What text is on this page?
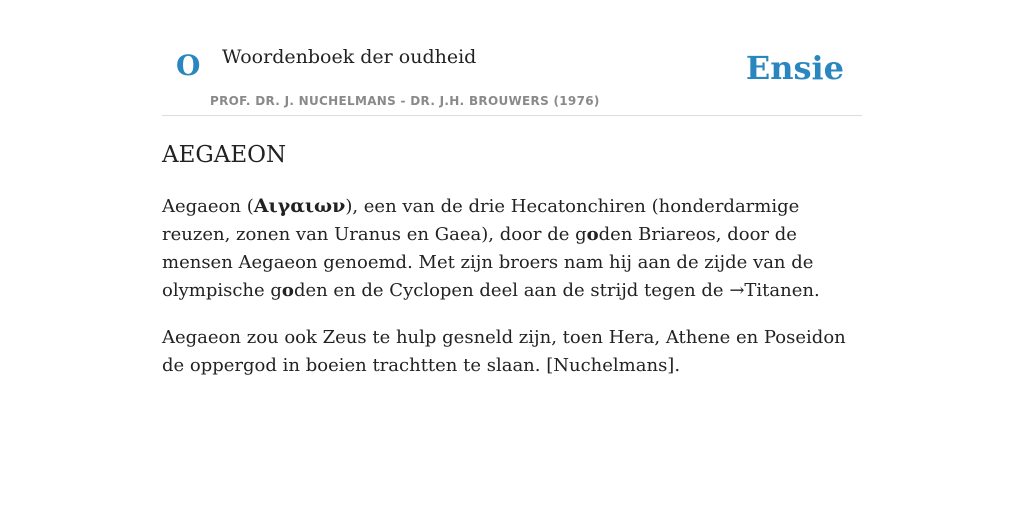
O Woordenboek der oudheid
PROF. DR. J. NUCHELMANS - DR. J.H. BROUWERS (1976)
Ensie
AEGAEON

Aegaeon (Αιγαιων), een van de drie Hecatonchiren (honderdarmige reuzen, zonen van Uranus en Gaea), door de goden Briareos, door de mensen Aegaeon genoemd. Met zijn broers nam hij aan de zijde van de olympische goden en de Cyclopen deel aan de strijd tegen de →Titanen.

Aegaeon zou ook Zeus te hulp gesneld zijn, toen Hera, Athene en Poseidon de oppergod in boeien trachtten te slaan. [Nuchelmans].
